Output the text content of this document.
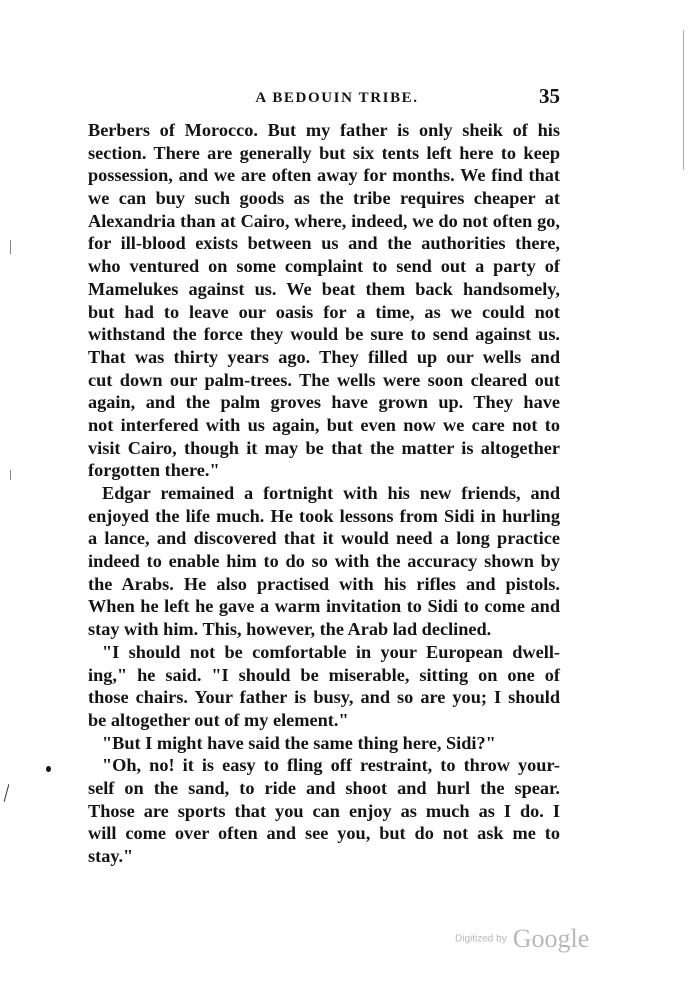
A BEDOUIN TRIBE.	35
Berbers of Morocco. But my father is only sheik of his
section. There are generally but six tents left here to keep
possession, and we are often away for months. We find that
we can buy such goods as the tribe requires cheaper at
Alexandria than at Cairo, where, indeed, we do not often go,
for ill-blood exists between us and the authorities there,
who ventured on some complaint to send out a party of
Mamelukes against us. We beat them back handsomely,
but had to leave our oasis for a time, as we could not
withstand the force they would be sure to send against us.
That was thirty years ago. They filled up our wells and
cut down our palm-trees. The wells were soon cleared out
again, and the palm groves have grown up. They have
not interfered with us again, but even now we care not to
visit Cairo, though it may be that the matter is altogether
forgotten there."
Edgar remained a fortnight with his new friends, and
enjoyed the life much. He took lessons from Sidi in hurling
a lance, and discovered that it would need a long practice
indeed to enable him to do so with the accuracy shown by
the Arabs. He also practised with his rifles and pistols.
When he left he gave a warm invitation to Sidi to come and
stay with him. This, however, the Arab lad declined.
"I should not be comfortable in your European dwell-
ing," he said. "I should be miserable, sitting on one of
those chairs. Your father is busy, and so are you; I should
be altogether out of my element."
"But I might have said the same thing here, Sidi?"
"Oh, no! it is easy to fling off restraint, to throw your-
self on the sand, to ride and shoot and hurl the spear.
Those are sports that you can enjoy as much as I do. I
will come over often and see you, but do not ask me to
stay."
Digitized by Google
